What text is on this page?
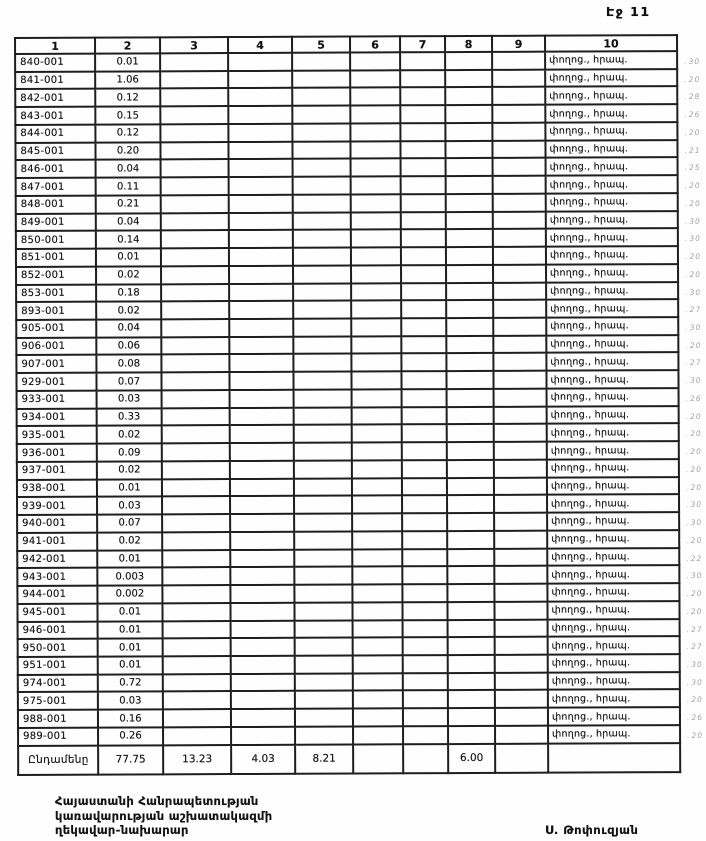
Էջ 11
1	2	3	4	5	6	7	8	9	10
840-001	0.01								փողոց., հրապ.
841-001	1.06								փողոց., հրապ.
842-001	0.12								փողոց., հրապ.
843-001	0.15								փողոց., հրապ.
844-001	0.12								փողոց., հրապ.
845-001	0.20								փողոց., հրապ.
846-001	0.04								փողոց., հրապ.
847-001	0.11								փողոց., հրապ.
848-001	0.21								փողոց., հրապ.
849-001	0.04								փողոց., հրապ.
850-001	0.14								փողոց., հրապ.
851-001	0.01								փողոց., հրապ.
852-001	0.02								փողոց., հրապ.
853-001	0.18								փողոց., հրապ.
893-001	0.02								փողոց., հրապ.
905-001	0.04								փողոց., հրապ.
906-001	0.06								փողոց., հրապ.
907-001	0.08								փողոց., հրապ.
929-001	0.07								փողոց., հրապ.
933-001	0.03								փողոց., հրապ.
934-001	0.33								փողոց., հրապ.
935-001	0.02								փողոց., հրապ.
936-001	0.09								փողոց., հրապ.
937-001	0.02								փողոց., հրապ.
938-001	0.01								փողոց., հրապ.
939-001	0.03								փողոց., հրապ.
940-001	0.07								փողոց., հրապ.
941-001	0.02								փողոց., հրապ.
942-001	0.01								փողոց., հրապ.
943-001	0.003								փողոց., հրապ.
944-001	0.002								փողոց., հրապ.
945-001	0.01								փողոց., հրապ.
946-001	0.01								փողոց., հրապ.
950-001	0.01								փողոց., հրապ.
951-001	0.01								փողոց., հրապ.
974-001	0.72								փողոց., հրապ.
975-001	0.03								փողոց., հրապ.
988-001	0.16								փողոց., հրապ.
989-001	0.26								փողոց., հրապ.
Ընդամենը	77.75	13.23	4.03	8.21			6.00		
. 30
. 20
. 28
. 26
. 20
. 21
. 25
. 20
. 20
. 30
. 30
. 20
. 20
. 30
. 27
. 30
. 20
. 27
. 30
. 26
. 20
. 20
. 20
. 20
. 20
. 30
. 30
. 20
. 22
. 30
. 20
. 20
. 27
. 27
. 30
. 30
. 20
. 26
. 20
Հայաստանի Հանրապետության
կառավարության աշխատակազմի
ղեկավար-նախարար	Ս. Թոփուզյան
